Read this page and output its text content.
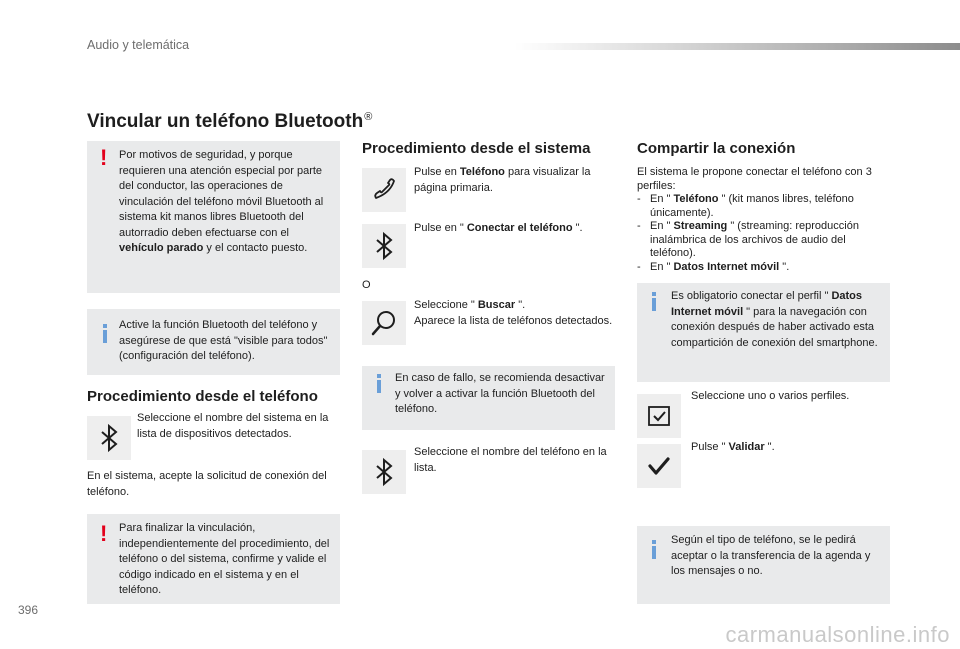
Audio y telemática
Vincular un teléfono Bluetooth®
! Por motivos de seguridad, y porque requieren una atención especial por parte del conductor, las operaciones de vinculación del teléfono móvil Bluetooth al sistema kit manos libres Bluetooth del autorradio deben efectuarse con el vehículo parado y el contacto puesto.
Active la función Bluetooth del teléfono y asegúrese de que está "visible para todos" (configuración del teléfono).
Procedimiento desde el teléfono
Seleccione el nombre del sistema en la lista de dispositivos detectados.
En el sistema, acepte la solicitud de conexión del teléfono.
! Para finalizar la vinculación, independientemente del procedimiento, del teléfono o del sistema, confirme y valide el código indicado en el sistema y en el teléfono.
Procedimiento desde el sistema
Pulse en Teléfono para visualizar la página primaria.
Pulse en " Conectar el teléfono ".
O
Seleccione " Buscar ".
Aparece la lista de teléfonos detectados.
En caso de fallo, se recomienda desactivar y volver a activar la función Bluetooth del teléfono.
Seleccione el nombre del teléfono en la lista.
Compartir la conexión
El sistema le propone conectar el teléfono con 3 perfiles:
- En " Teléfono " (kit manos libres, teléfono únicamente).
- En " Streaming " (streaming: reproducción inalámbrica de los archivos de audio del teléfono).
- En " Datos Internet móvil ".
Es obligatorio conectar el perfil " Datos Internet móvil " para la navegación con conexión después de haber activado esta compartición de conexión del smartphone.
Seleccione uno o varios perfiles.
Pulse " Validar ".
Según el tipo de teléfono, se le pedirá aceptar o la transferencia de la agenda y los mensajes o no.
396
carmanualsonline.info
